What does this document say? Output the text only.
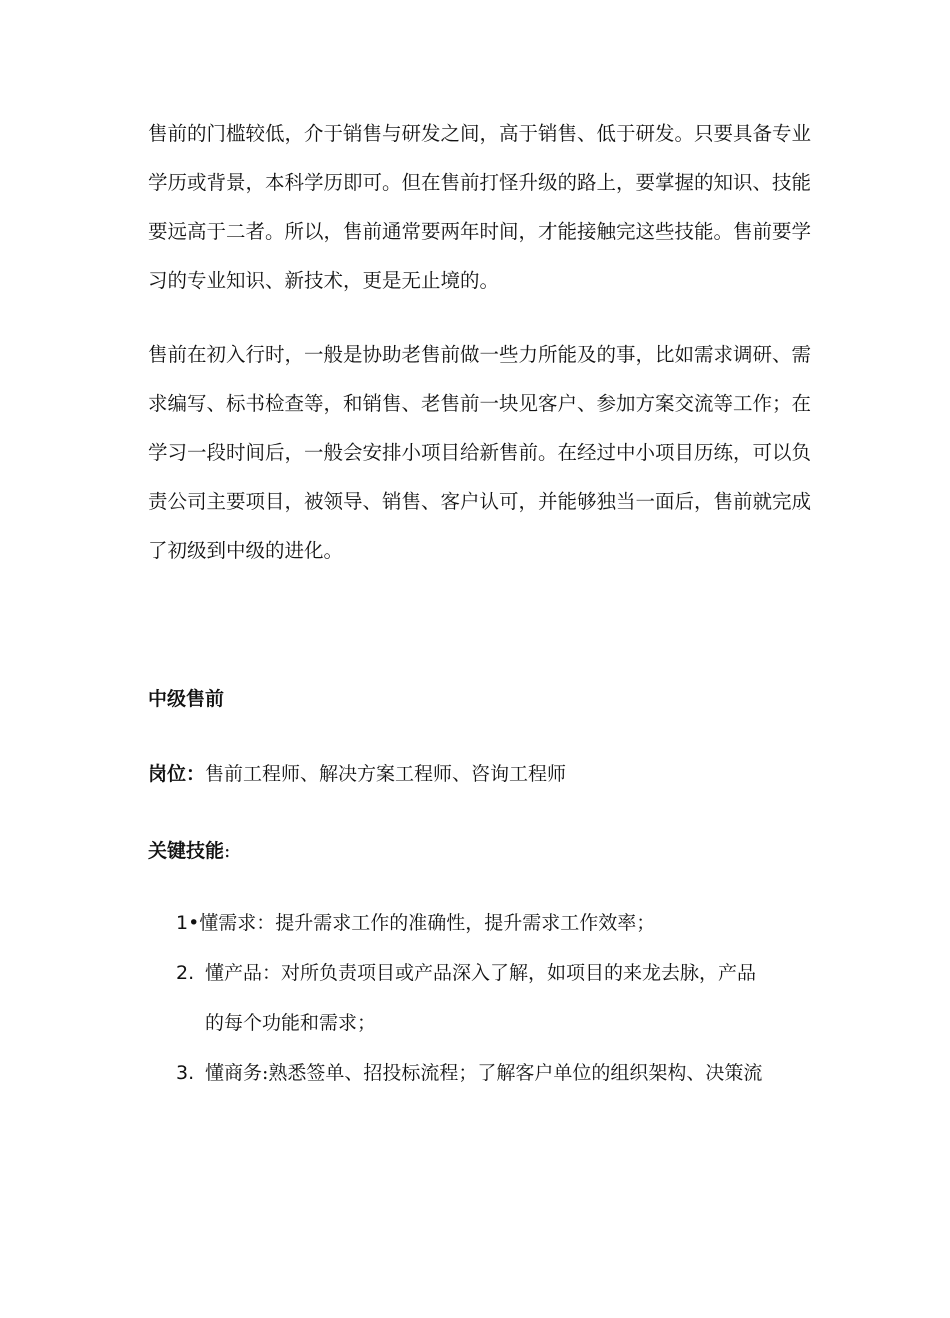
售前的门槛较低，介于销售与研发之间，高于销售、低于研发。只要具备专业学历或背景，本科学历即可。但在售前打怪升级的路上，要掌握的知识、技能要远高于二者。所以，售前通常要两年时间，才能接触完这些技能。售前要学习的专业知识、新技术，更是无止境的。

售前在初入行时，一般是协助老售前做一些力所能及的事，比如需求调研、需求编写、标书检查等，和销售、老售前一块见客户、参加方案交流等工作；在学习一段时间后，一般会安排小项目给新售前。在经过中小项目历练，可以负责公司主要项目，被领导、销售、客户认可，并能够独当一面后，售前就完成了初级到中级的进化。

中级售前

岗位：售前工程师、解决方案工程师、咨询工程师

关键技能:

1•懂需求：提升需求工作的准确性，提升需求工作效率；
2. 懂产品：对所负责项目或产品深入了解，如项目的来龙去脉，产品
的每个功能和需求；
3. 懂商务:熟悉签单、招投标流程；了解客户单位的组织架构、决策流
